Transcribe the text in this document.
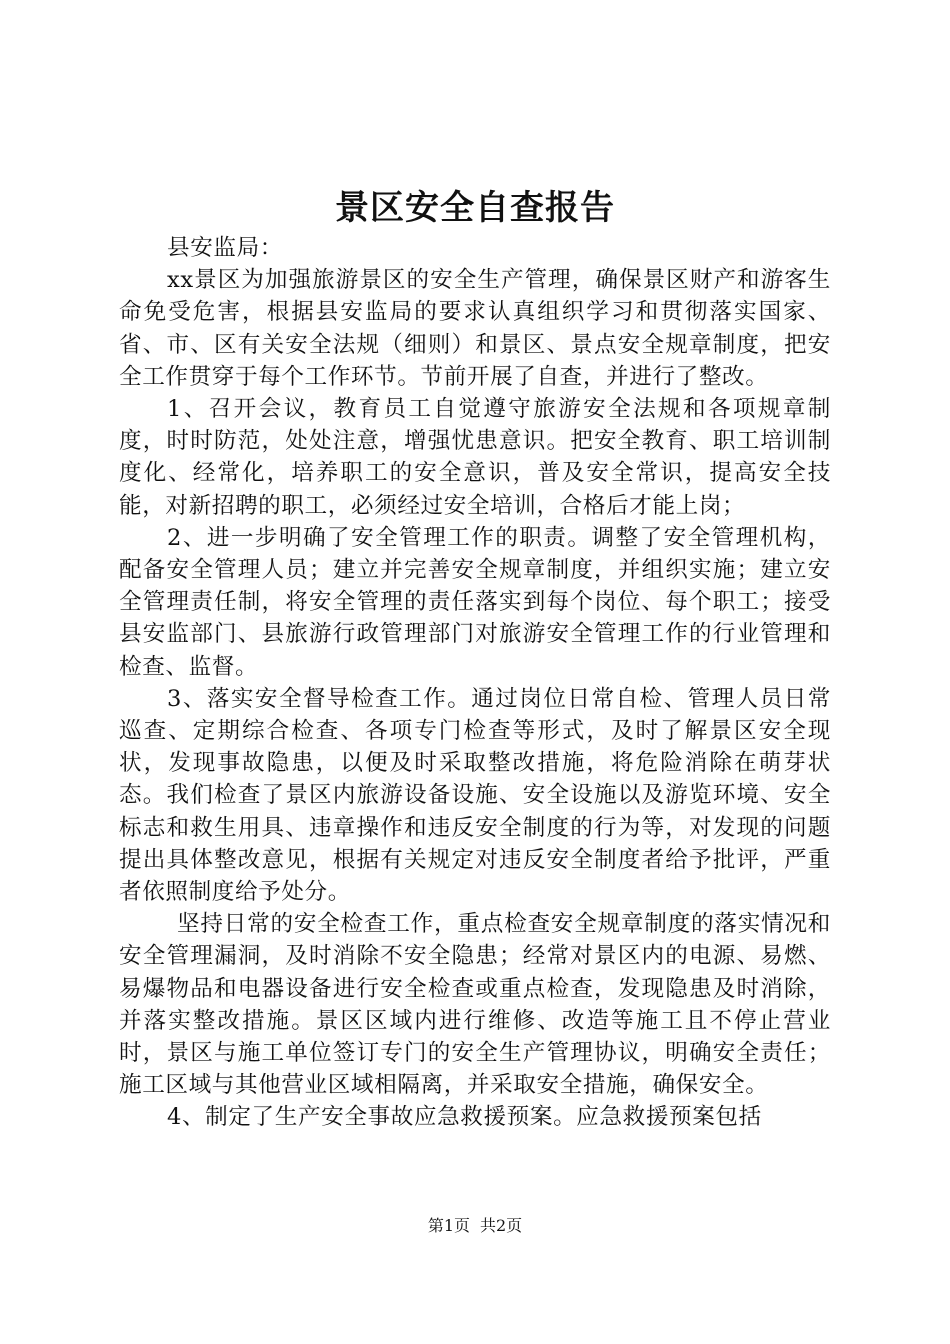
景区安全自查报告

县安监局：

xx景区为加强旅游景区的安全生产管理，确保景区财产和游客生命免受危害，根据县安监局的要求认真组织学习和贯彻落实国家、省、市、区有关安全法规（细则）和景区、景点安全规章制度，把安全工作贯穿于每个工作环节。节前开展了自查，并进行了整改。

1、召开会议，教育员工自觉遵守旅游安全法规和各项规章制度，时时防范，处处注意，增强忧患意识。把安全教育、职工培训制度化、经常化，培养职工的安全意识，普及安全常识，提高安全技能，对新招聘的职工，必须经过安全培训，合格后才能上岗；

2、进一步明确了安全管理工作的职责。调整了安全管理机构，配备安全管理人员；建立并完善安全规章制度，并组织实施；建立安全管理责任制，将安全管理的责任落实到每个岗位、每个职工；接受县安监部门、县旅游行政管理部门对旅游安全管理工作的行业管理和检查、监督。

3、落实安全督导检查工作。通过岗位日常自检、管理人员日常巡查、定期综合检查、各项专门检查等形式，及时了解景区安全现状，发现事故隐患，以便及时采取整改措施，将危险消除在萌芽状态。我们检查了景区内旅游设备设施、安全设施以及游览环境、安全标志和救生用具、违章操作和违反安全制度的行为等，对发现的问题提出具体整改意见，根据有关规定对违反安全制度者给予批评，严重者依照制度给予处分。

坚持日常的安全检查工作，重点检查安全规章制度的落实情况和安全管理漏洞，及时消除不安全隐患；经常对景区内的电源、易燃、易爆物品和电器设备进行安全检查或重点检查，发现隐患及时消除，并落实整改措施。景区区域内进行维修、改造等施工且不停止营业时，景区与施工单位签订专门的安全生产管理协议，明确安全责任；施工区域与其他营业区域相隔离，并采取安全措施，确保安全。

4、制定了生产安全事故应急救援预案。应急救援预案包括

第1页 共2页
